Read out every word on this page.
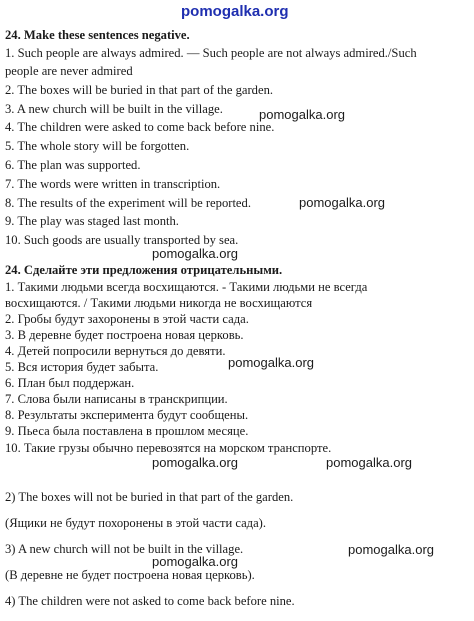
pomogalka.org
24. Make these sentences negative.
1. Such people are always admired. — Such people are not always admired./Such
people are never admired
2. The boxes will be buried in that part of the garden.
3. A new church will be built in the village.
4. The children were asked to come back before nine.
5. The whole story will be forgotten.
6. The plan was supported.
7. The words were written in transcription.
8. The results of the experiment will be reported.
9. The play was staged last month.
10. Such goods are usually transported by sea.
24. Сделайте эти предложения отрицательными.
1. Такими людьми всегда восхищаются. - Такими людьми не всегда
восхищаются. / Такими людьми никогда не восхищаются
2. Гробы будут захоронены в этой части сада.
3. В деревне будет построена новая церковь.
4. Детей попросили вернуться до девяти.
5. Вся история будет забыта.
6. План был поддержан.
7. Слова были написаны в транскрипции.
8. Результаты эксперимента будут сообщены.
9. Пьеса была поставлена в прошлом месяце.
10. Такие грузы обычно перевозятся на морском транспорте.
2) The boxes will not be buried in that part of the garden.
(Ящики не будут похоронены в этой части сада).
3) A new church will not be built in the village.
(В деревне не будет построена новая церковь).
4) The children were not asked to come back before nine.
pomogalka.org
pomogalka.org
pomogalka.org
pomogalka.org
pomogalka.org	pomogalka.org
pomogalka.org
pomogalka.org
